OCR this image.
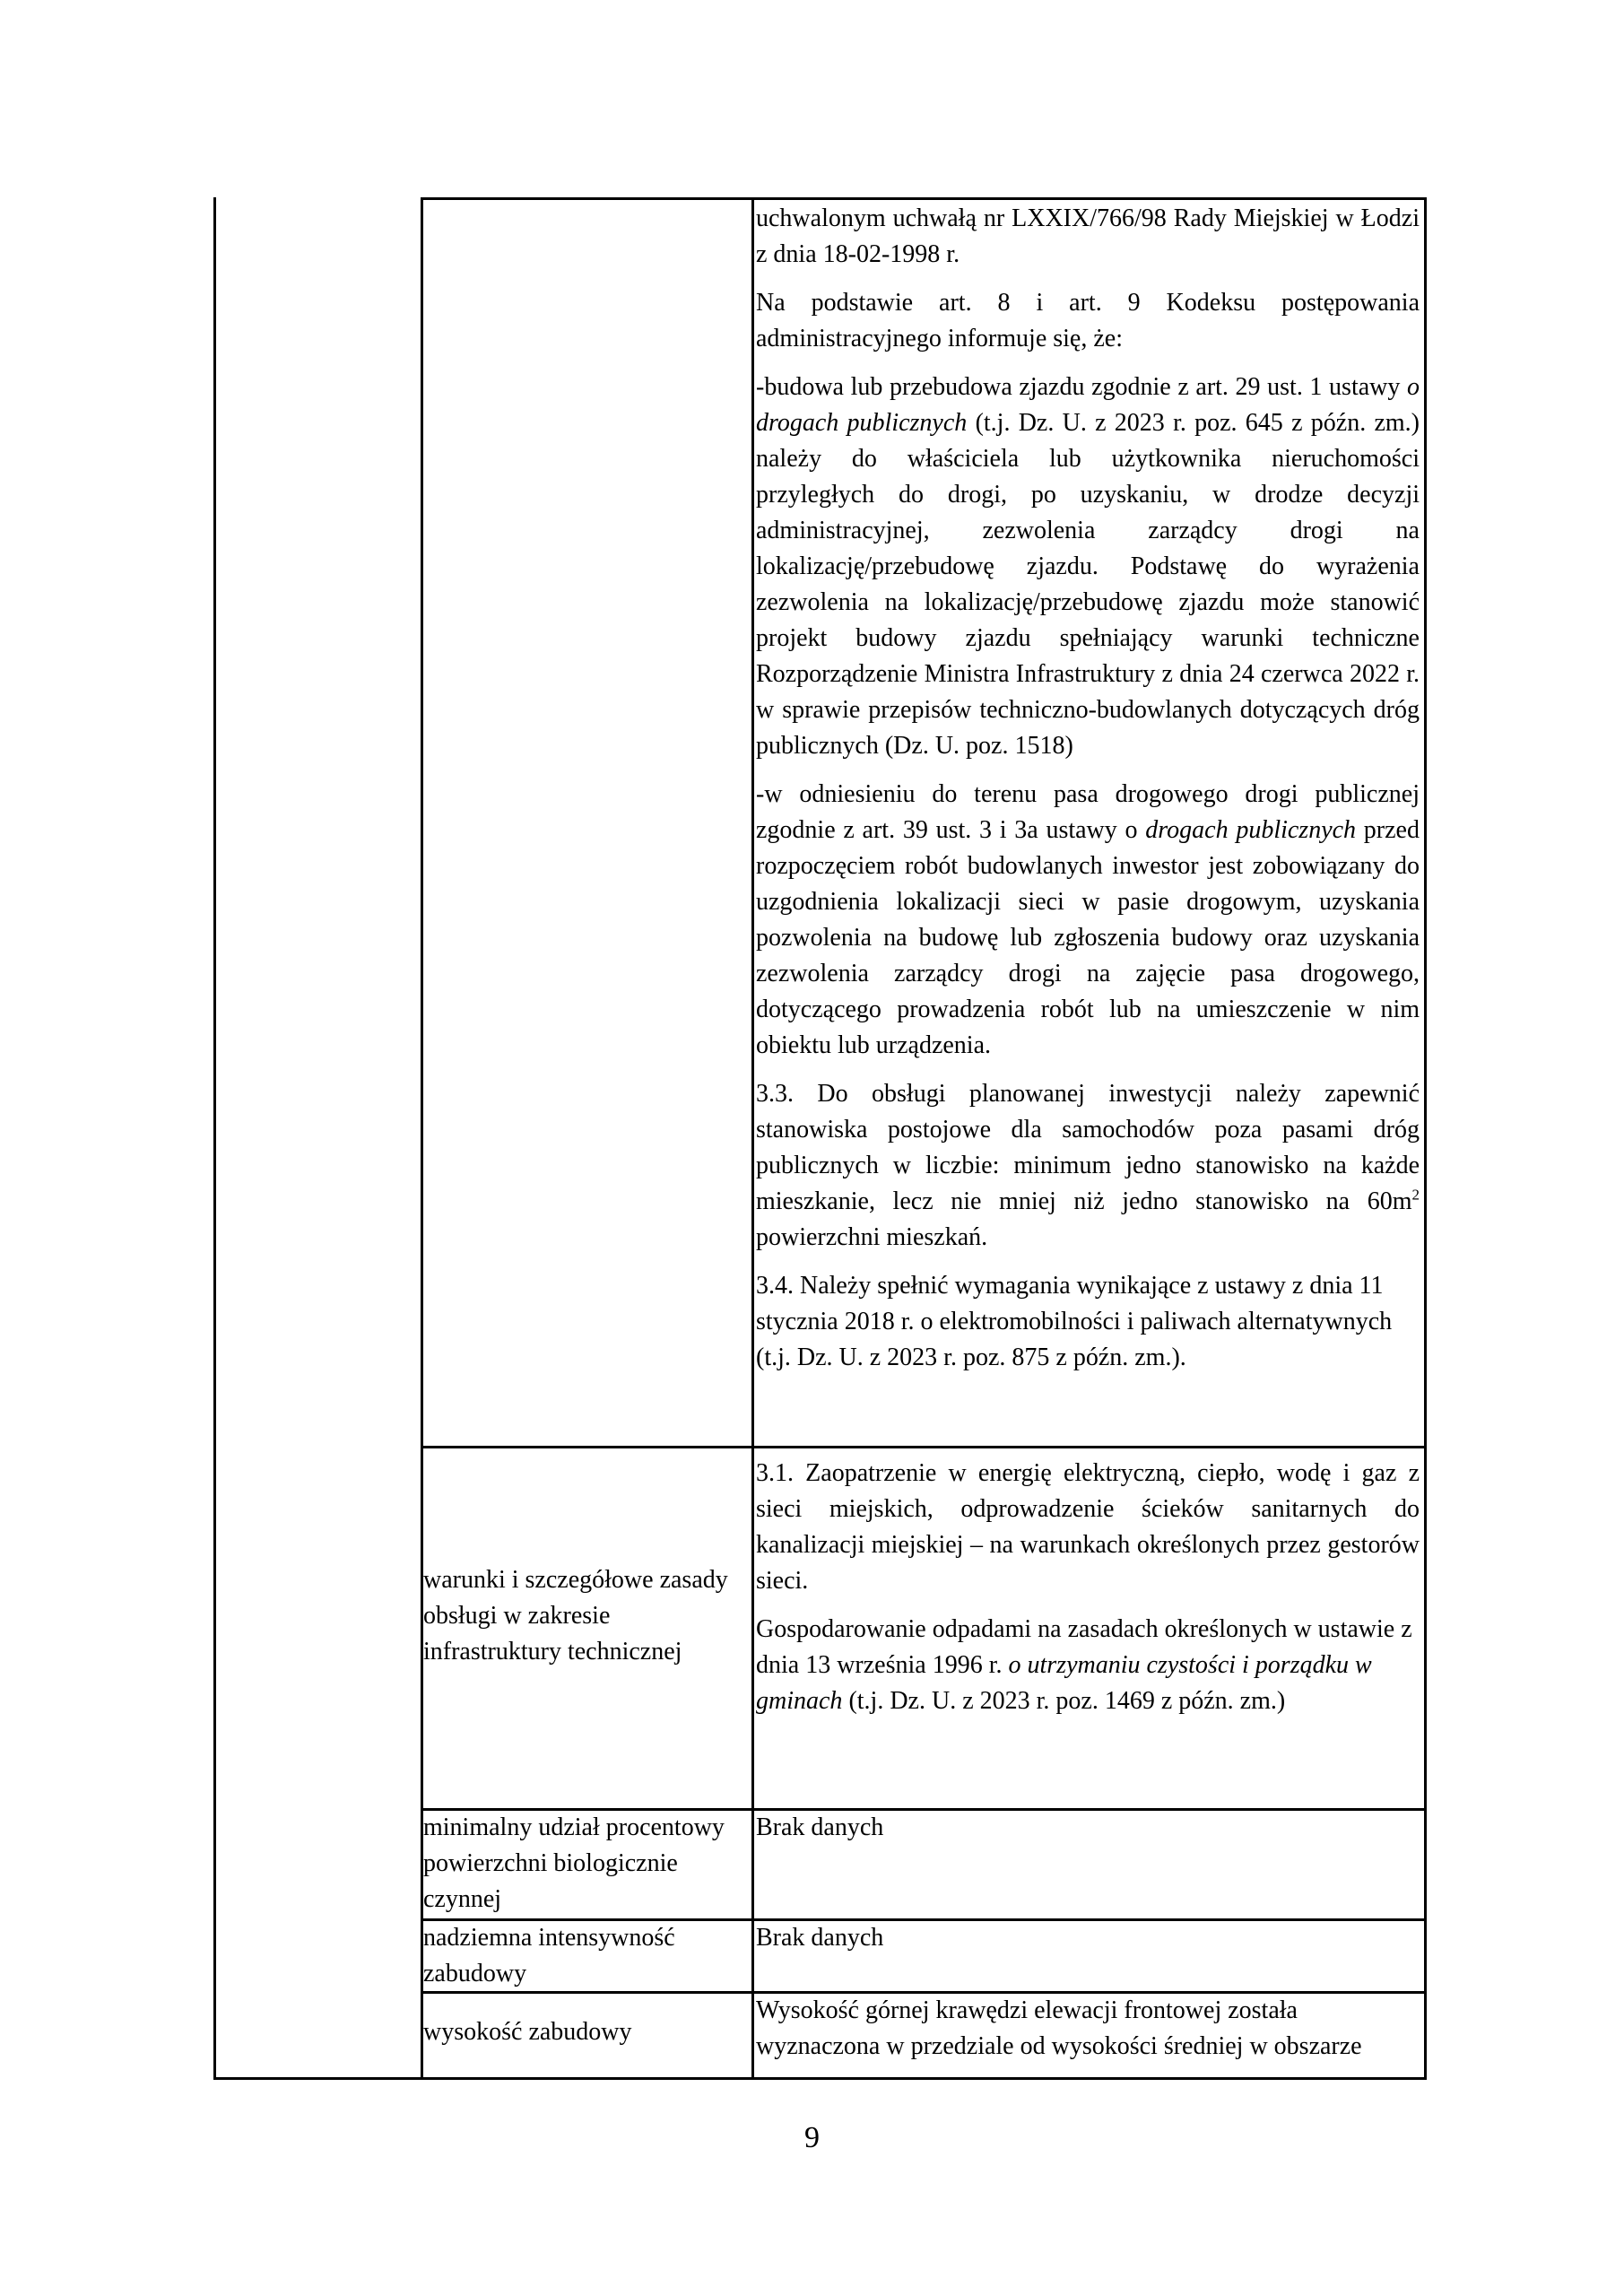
uchwalonym uchwałą nr LXXIX/766/98 Rady Miejskiej w Łodzi z dnia 18-02-1998 r.

Na podstawie art. 8 i art. 9 Kodeksu postępowania administracyjnego informuje się, że:

-budowa lub przebudowa zjazdu zgodnie z art. 29 ust. 1 ustawy o drogach publicznych (t.j. Dz. U. z 2023 r. poz. 645 z późn. zm.) należy do właściciela lub użytkownika nieruchomości przyległych do drogi, po uzyskaniu, w drodze decyzji administracyjnej, zezwolenia zarządcy drogi na lokalizację/przebudowę zjazdu. Podstawę do wyrażenia zezwolenia na lokalizację/przebudowę zjazdu może stanowić projekt budowy zjazdu spełniający warunki techniczne Rozporządzenie Ministra Infrastruktury z dnia 24 czerwca 2022 r. w sprawie przepisów techniczno-budowlanych dotyczących dróg publicznych (Dz. U. poz. 1518)

-w odniesieniu do terenu pasa drogowego drogi publicznej zgodnie z art. 39 ust. 3 i 3a ustawy o drogach publicznych przed rozpoczęciem robót budowlanych inwestor jest zobowiązany do uzgodnienia lokalizacji sieci w pasie drogowym, uzyskania pozwolenia na budowę lub zgłoszenia budowy oraz uzyskania zezwolenia zarządcy drogi na zajęcie pasa drogowego, dotyczącego prowadzenia robót lub na umieszczenie w nim obiektu lub urządzenia.

3.3. Do obsługi planowanej inwestycji należy zapewnić stanowiska postojowe dla samochodów poza pasami dróg publicznych w liczbie: minimum jedno stanowisko na każde mieszkanie, lecz nie mniej niż jedno stanowisko na $60m^2$ powierzchni mieszkań.

3.4. Należy spełnić wymagania wynikające z ustawy z dnia 11 stycznia 2018 r. o elektromobilności i paliwach alternatywnych (t.j. Dz. U. z 2023 r. poz. 875 z późn. zm.).

warunki i szczegółowe zasady obsługi w zakresie infrastruktury technicznej

3.1. Zaopatrzenie w energię elektryczną, ciepło, wodę i gaz z sieci miejskich, odprowadzenie ścieków sanitarnych do kanalizacji miejskiej – na warunkach określonych przez gestorów sieci.

Gospodarowanie odpadami na zasadach określonych w ustawie z dnia 13 września 1996 r. o utrzymaniu czystości i porządku w gminach (t.j. Dz. U. z 2023 r. poz. 1469 z późn. zm.)

minimalny udział procentowy powierzchni biologicznie czynnej
Brak danych
nadziemna intensywność zabudowy
Brak danych
wysokość zabudowy
Wysokość górnej krawędzi elewacji frontowej została wyznaczona w przedziale od wysokości średniej w obszarze
9
